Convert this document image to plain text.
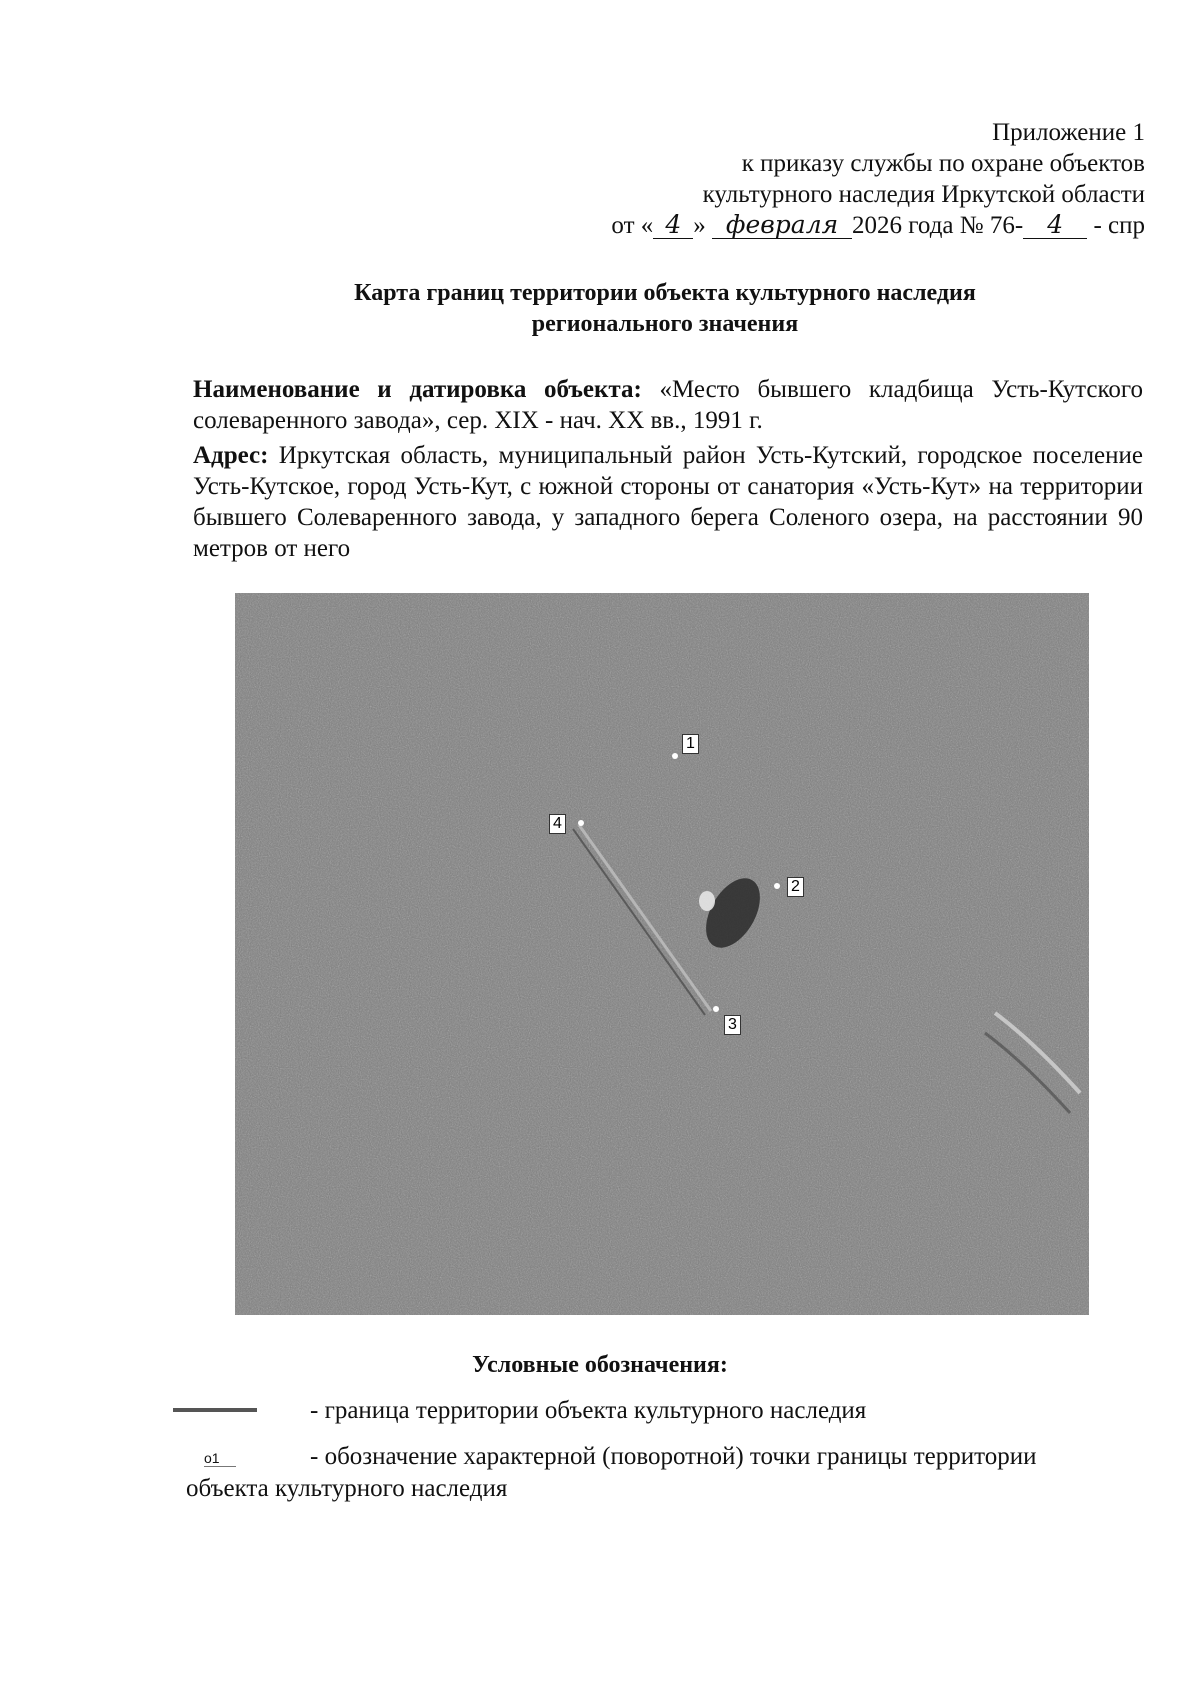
Приложение 1
к приказу службы по охране объектов
культурного наследия Иркутской области
от « 4 » февраля 2026 года № 76- 4 - спр
Карта границ территории объекта культурного наследия
регионального значения
Наименование и датировка объекта: «Место бывшего кладбища Усть-Кутского солеваренного завода», сер. XIX - нач. XX вв., 1991 г.
Адрес: Иркутская область, муниципальный район Усть-Кутский, городское поселение Усть-Кутское, город Усть-Кут, с южной стороны от санатория «Усть-Кут» на территории бывшего Солеваренного завода, у западного берега Соленого озера, на расстоянии 90 метров от него
1
2
3
4
Условные обозначения:
- граница территории объекта культурного наследия
о1	- обозначение характерной (поворотной) точки границы территории
объекта культурного наследия
